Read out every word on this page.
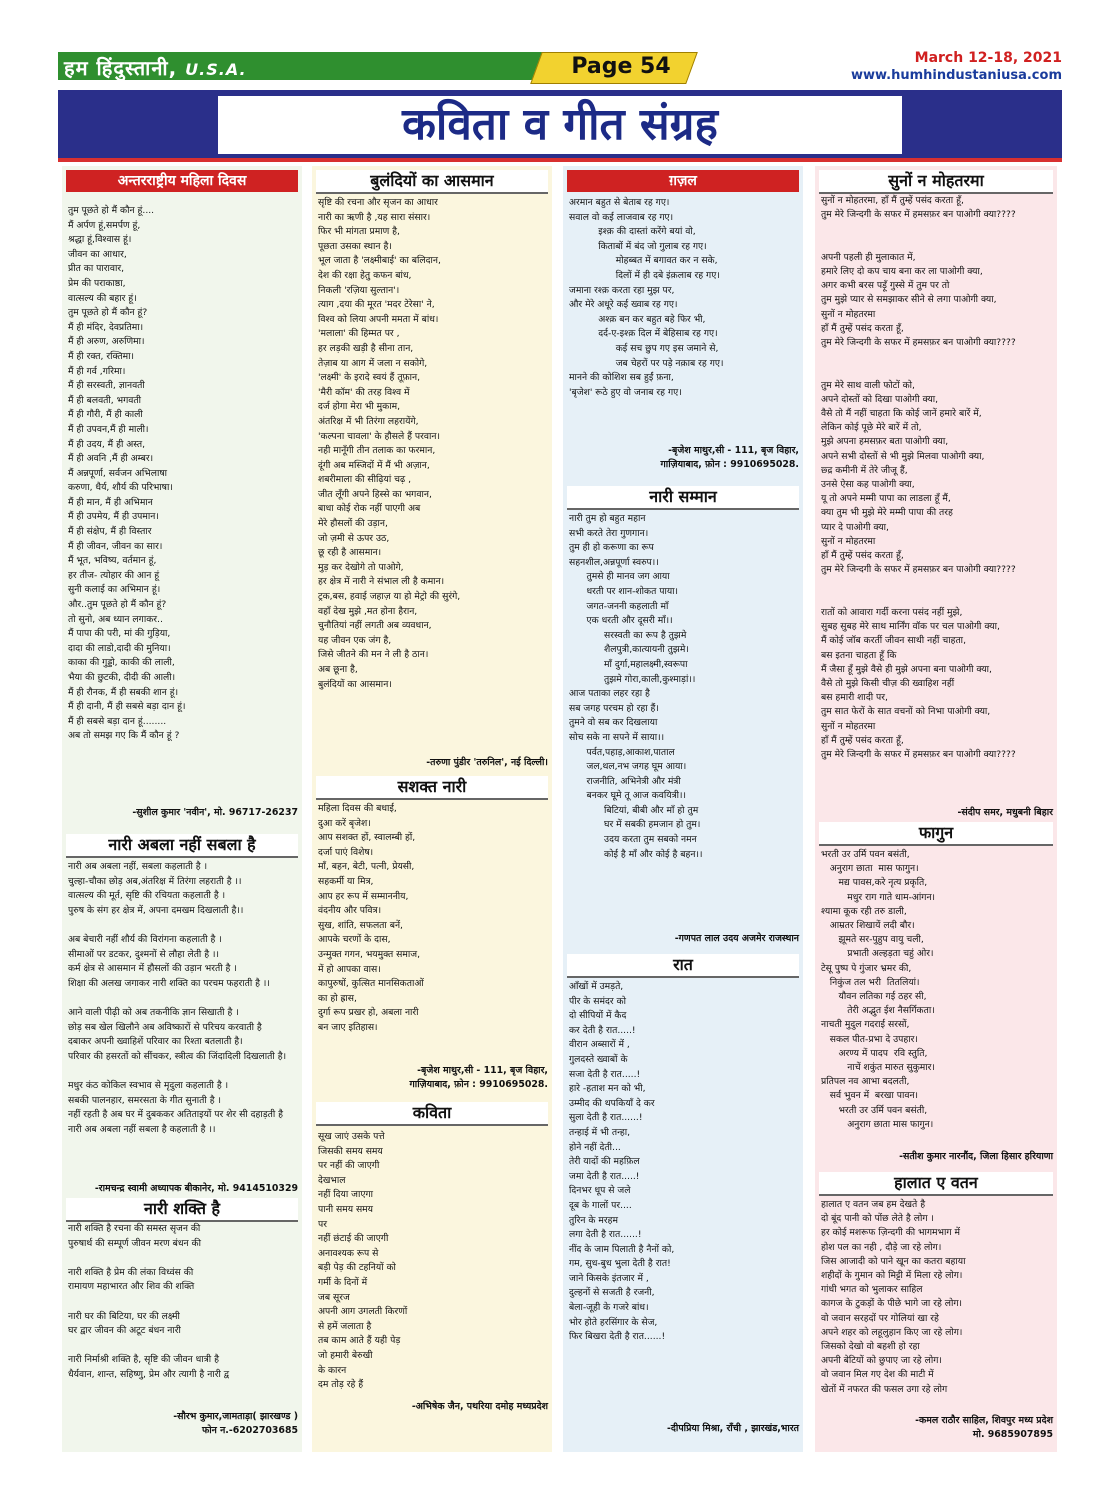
हम हिंदुस्तानी, U.S.A.	Page 54	March 12-18, 2021
www.humhindustaniusa.com
कविता व गीत संग्रह
अन्तरराष्ट्रीय महिला दिवस
तुम पूछते हो मैं कौन हूं....
मैं अर्पण हूं,समर्पण हूं,
श्रद्धा हूं,विश्वास हूं।
जीवन का आधार,
प्रीत का पारावार,
प्रेम की पराकाष्ठा,
वात्सल्य की बहार हूं।
तुम पूछते हो मैं कौन हूं?
मैं ही मंदिर, देवप्रतिमा।
मैं ही अरुण, अरुणिमा।
मैं ही रक्त, रक्तिमा।
मैं ही गर्व ,गरिमा।
मैं ही सरस्वती, ज्ञानवती
मैं ही बलवती, भगवती
मैं ही गौरी, मैं ही काली
मैं ही उपवन,मैं ही माली।
मैं ही उदय, मैं ही अस्त,
मैं ही अवनि ,मैं ही अम्बर।
मैं अन्नपूर्णा, सर्वजन अभिलाषा
करुणा, धैर्य, शौर्य की परिभाषा।
मैं ही मान, मैं ही अभिमान
मैं ही उपमेय, मैं ही उपमान।
मैं ही संक्षेप, मैं ही विस्तार
मैं ही जीवन, जीवन का सार।
मैं भूत, भविष्य, वर्तमान हूं,
हर तीज- त्योहार की आन हूं
सुनी कलाई का अभिमान हूं।
और..तुम पूछते हो मैं कौन हूं?
तो सुनो, अब ध्यान लगाकर..
मैं पापा की परी, मां की गुड़िया,
दादा की लाडो,दादी की मुनिया।
काका की गुड्डो, काकी की लाली,
भैया की छुटकी, दीदी की आली।
मैं ही रौनक, मैं ही सबकी शान हूं।
मैं ही दानी, मैं ही सबसे बड़ा दान हूं।
मैं ही सबसे बड़ा दान हूं........
अब तो समझ गए कि मैं कौन हूं ?
-सुशील कुमार 'नवीन', मो. 96717-26237
नारी अबला नहीं सबला है
नारी अब अबला नहीं, सबला कहलाती है ।
चुल्हा-चौका छोड़ अब,अंतरिक्ष में तिरंगा लहराती है ।।
वात्सल्य की मूर्त, सृष्टि की रचियता कहलाती है ।
पुरुष के संग हर क्षेत्र में, अपना दमखम दिखलाती है।।

अब बेचारी नहीं शौर्य की विरांगना कहलाती है ।
सीमाओं पर डटकर, दुश्मनों से लौहा लेती है ।।
कर्म क्षेत्र से आसमान में हौसलों की उड़ान भरती है ।
शिक्षा की अलख जगाकर नारी शक्ति का परचम फहराती है ।।

आने वाली पीढ़ी को अब तकनीकि ज्ञान सिखाती है ।
छोड़ सब खेल खिलौने अब अविष्कारों से परिचय करवाती है
दबाकर अपनी ख्वाहिशें परिवार का रिश्ता बतलाती है।
परिवार की हसरतों को सींचकर, स्त्रीत्व की जिंदादिली दिखलाती है।

मधुर कंठ कोकिल स्वभाव से मृदुला कहलाती है ।
सबकी पालनहार, समरसता के गीत सुनाती है ।
नहीं रहती है अब घर में दुबककर अतिताइयों पर शेर सी दहाड़ती है
नारी अब अबला नहीं सबला है कहलाती है ।।
-रामचन्द्र स्वामी अध्यापक बीकानेर, मो. 9414510329
नारी शक्ति है
नारी शक्ति है रचना की समस्त सृजन की
पुरुषार्थ की सम्पूर्ण जीवन मरण बंधन की

नारी शक्ति है प्रेम की लंका विध्वंस की
रामायण महाभारत और शिव की शक्ति

नारी घर की बिटिया, घर की लक्ष्मी
घर द्वार जीवन की अटूट बंधन नारी

नारी निर्माश्री शक्ति है, सृष्टि की जीवन धात्री है
धैर्यवान, शान्त, सहिष्णु, प्रेम और त्यागी है नारी द्व
-सौरभ कुमार,जामताड़ा( झारखण्ड )
फोन न.-6202703685
बुलंदियों का आसमान
सृष्टि की रचना और सृजन का आधार
नारी का ऋणी है ,यह सारा संसार।
फिर भी मांगता प्रमाण है,
पूछता उसका स्थान है।
भूल जाता है 'लक्ष्मीबाई' का बलिदान,
देश की रक्षा हेतु कफन बांध,
निकली 'रज़िया सुल्तान'।
त्याग ,दया की मूरत 'मदर टेरेसा' ने,
विश्व को लिया अपनी ममता में बांध।
'मलाला' की हिम्मत पर ,
हर लड़की खड़ी है सीना तान,
तेज़ाब या आग में जला न सकोगे,
'लक्ष्मी' के इरादे स्वयं हैं तूफ़ान,
'मैरी कॉम' की तरह विश्व में
दर्ज होगा मेरा भी मुकाम,
अंतरिक्ष में भी तिरंगा लहरायेंगे,
'कल्पना चावला' के हौसले हैं परवान।
नही मानूँगी तीन तलाक का फरमान,
दूंगी अब मस्जिदों में मैं भी अज़ान,
शबरीमाला की सीढ़ियां चढ़ ,
जीत लूँगी अपने हिस्से का भगवान,
बाधा कोई रोक नहीं पाएगी अब
मेरे हौसलों की उड़ान,
जो ज़मी से ऊपर उठ,
छू रही है आसमान।
मुड़ कर देखोगे तो पाओगे,
हर क्षेत्र में नारी ने संभाल ली है कमान।
ट्रक,बस, हवाई जहाज़ या हो मेट्रो की सुरंगे,
वहाँ देख मुझे ,मत होना हैरान,
चुनौतियां नहीं लगती अब व्यवधान,
यह जीवन एक जंग है,
जिसे जीतने की मन ने ली है ठान।
अब छूना है,
बुलंदियों का आसमान।
-तरुणा पुंडीर 'तरुनिल', नई दिल्ली।
सशक्त नारी
महिला दिवस की बधाई,
दुआ करें बृजेश।
आप सशक्त हों, स्वालम्बी हों,
दर्जा पाएं विशेष।
माँ, बहन, बेटी, पत्नी, प्रेयसी,
सहकर्मी या मित्र,
आप हर रूप में सम्माननीय,
वंदनीय और पवित्र।
सुख, शांति, सफलता बनें,
आपके चरणों के दास,
उन्मुक्त गगन, भयमुक्त समाज,
में हो आपका वास।
कापुरुषों, कुत्सित मानसिकताओं
का हो ह्रास,
दुर्गा रूप प्रखर हो, अबला नारी
बन जाए इतिहास।
-बृजेश माथुर,सी - 111, बृज विहार,
गाज़ियाबाद, फ़ोन : 9910695028.
कविता
सूख जाएं उसके पत्ते
जिसकी समय समय
पर नहीं की जाएगी
देखभाल
नहीं दिया जाएगा
पानी समय समय
पर
नहीं छंटाई की जाएगी
अनावश्यक रूप से
बड़ी पेड़ की टहनियों को
गर्मी के दिनों में
जब सूरज
अपनी आग उगलती किरणों
से हमें जलाता है
तब काम आते हैं यही पेड़
जो हमारी बेरुखी
के कारन
दम तोड़ रहे हैं
-अभिषेक जैन, पथरिया दमोह मध्यप्रदेश
ग़ज़ल
अरमान बहुत से बेताब रह गए।
सवाल वो कई लाजवाब रह गए।
इश्क़ की दास्तां करेंगे बयां वो,
किताबों में बंद जो गुलाब रह गए।
मोहब्बत में बगावत कर न सके,
दिलों में ही दबे इंक़लाब रह गए।
जमाना रश्क़ करता रहा मुझ पर,
और मेरे अधूरे कई ख्वाब रह गए।
अश्क़ बन कर बहुत बहे फिर भी,
दर्द-ए-इश्क़ दिल में बेहिसाब रह गए।
कई सच छुप गए इस जमाने से,
जब चेहरों पर पड़े नक़ाब रह गए।
मानने की कोशिश सब हुईं फ़ना,
'बृजेश' रूठे हुए वो जनाब रह गए।
-बृजेश माथुर,सी - 111, बृज विहार,
गाज़ियाबाद, फ़ोन : 9910695028.
नारी सम्मान
नारी तुम हो बहुत महान
सभी करते तेरा गुणगान।
तुम ही हो करूणा का रूप
सहनशील,अन्नपूर्णा स्वरुप।।
तुमसे ही मानव जग आया
धरती पर शान-शोकत पाया।
जगत-जननी कहलाती माँ
एक धरती और दूसरी माँ।।
सरस्वती का रूप है तुझमे
शैलपुत्री,कात्यायनी तुझमे।
माँ दुर्गा,महालक्ष्मी,स्वरूपा
तुझमे गोरा,काली,कुश्माड़ां।।
आज पताका लहर रहा है
सब जगह परचम हो रहा हैं।
तुमने वो सब कर दिखलाया
सोच सके ना सपने में साया।।
पर्वत,पहाड़,आकाश,पाताल
जल,थल,नभ जगह घूम आया।
राजनीति, अभिनेत्री और मंत्री
बनकर घूमे तू आज कवयित्री।।
बिटियां, बीबी और माँ हो तुम
घर में सबकी हमजान हो तुम।
उदय करता तुम सबको नमन
कोई है माँ और कोई है बहन।।
-गणपत लाल उदय अजमेर राजस्थान
रात
आँखों में उमड़ते,
पीर के समंदर को
दो सीपियों में कैद
कर देती है रात.....!
वीरान अब्सारों में ,
गुलदस्ते ख्वाबों के
सजा देती है रात.....!
हारे -हताश मन को भी,
उम्मीद की थपकियाँ दे कर
सुला देती है रात......!
तन्हाई में भी तन्हा,
होने नहीं देती...
तेरी यादों की महफ़िल
जमा देती है रात.....!
दिनभर धूप से जले
दूब के गालों पर....
तुरिन के मरहम
लगा देती है रात......!
नींद के जाम पिलाती है नैनों को,
गम, सुध-बुध भुला देती है रात!
जाने किसके इंतजार में ,
दुल्हनों से सजती है रजनी,
बेला-जूही के गजरे बांध।
भोर होते हरसिंगार के सेज,
फिर बिखरा देती है रात......!
-दीपप्रिया मिश्रा, राँची , झारखंड,भारत
सुनों न मोहतरमा
सुनों न मोहतरमा, हाँ मैं तुम्हें पसंद करता हूँ,
तुम मेरे जिन्दगी के सफर में हमसफ़र बन पाओगी क्या????

अपनी पहली ही मुलाकात में,
हमारे लिए दो कप चाय बना कर ला पाओगी क्या,
अगर कभी बरस पड़ूँ गुस्से में तुम पर तो
तुम मुझे प्यार से समझाकर सीने से लगा पाओगी क्या,
सुनों न मोहतरमा
हाँ मैं तुम्हें पसंद करता हूँ,
तुम मेरे जिन्दगी के सफर में हमसफ़र बन पाओगी क्या????

तुम मेरे साथ वाली फोटों को,
अपने दोस्तों को दिखा पाओगी क्या,
वैसे तो मैं नहीं चाहता कि कोई जानें हमारे बारें में,
लेकिन कोई पूछे मेरे बारें में तो,
मुझे अपना हमसफ़र बता पाओगी क्या,
अपने सभी दोस्तों से भी मुझे मिलवा पाओगी क्या,
छ्द्र कमीनी में तेरे जीजू हैं,
उनसे ऐसा कह पाओगी क्या,
यू तो अपने मम्मी पापा का लाडला हूँ मैं,
क्या तुम भी मुझे मेरे मम्मी पापा की तरह
प्यार दे पाओगी क्या,
सुनों न मोहतरमा
हाँ मैं तुम्हें पसंद करता हूँ,
तुम मेरे जिन्दगी के सफर में हमसफ़र बन पाओगी क्या????

रातों को आवारा गर्दी करना पसंद नहीं मुझे,
सुबह सुबह मेरे साथ मार्निंग वॉक पर चल पाओगी क्या,
मैं कोई जॉब करतीं जीवन साथी नहीं चाहता,
बस इतना चाहता हूँ कि
मैं जैसा हूँ मुझे वैसे ही मुझे अपना बना पाओगी क्या,
वैसे तो मुझे किसी चीज़ की ख्वाहिश नहीं
बस हमारी शादी पर,
तुम सात फेरों के सात वचनों को निभा पाओगी क्या,
सुनों न मोहतरमा
हाँ मैं तुम्हें पसंद करता हूँ,
तुम मेरे जिन्दगी के सफर में हमसफ़र बन पाओगी क्या????
-संदीप समर, मधुबनी बिहार
फागुन
भरती उर उर्मि पवन बसंती,
अनुराग छाता  मास फागुन।
मद्य पावस,करे नृत्य प्रकृति,
मधुर राग गाते धाम-आंगन।
श्यामा कूक रही तरु डाली,
आम्रतर शिखायें लदी बौर।
झूमते सर-पुहुप वायु चली,
प्रभाती अल्हड़ता चहुं ओर।
टेसू पुष्प पे गुंजार भ्रमर की,
निकुंज तल भरी  तितलियां।
यौवन लतिका गई ठहर सी,
तेरी अद्भुत ईश नैसर्गिकता।
नाचती मुदुल गदराई सरसों,
सकल पीत-प्रभा दे उपहार।
अरण्य में पादप  रवि स्तुति,
नाचें शकुंत मारुत सुकुमार।
प्रतिपल नव आभा बदलती,
सर्व भुवन में  बरखा पावन।
भरती उर उर्मि पवन बसंती,
अनुराग छाता मास फागुन।
-सतीश कुमार नारनौंद, जिला हिसार हरियाणा
हालात ए वतन
हालात ए वतन जब हम देखते है
दो बूंद पानी को पोंछ लेते है लोग ।
हर कोई मशरूफ ज़िन्दगी की भागमभाग में
होश पल का नही , दौड़े जा रहे लोग।
जिस आजादी को पाने खून का कतरा बहाया
शहीदों के गुमान को मिट्टी में मिला रहे लोग।
गांधी भगत को भुलाकर साहिल
कागज के टुकड़ों के पीछे भागे जा रहे लोग।
वो जवान सरहदों पर गोलियां खा रहे
अपने शहर को लहूलुहान किए जा रहे लोग।
जिसको देखो वो बहशी हो रहा
अपनी बेटियों को छुपाए जा रहे लोग।
वो जवान मिल गए देश की माटी में
खेतों में नफरत की फसल उगा रहे लोग
-कमल राठौर साहिल, शिवपुर मध्य प्रदेश
मो. 9685907895
